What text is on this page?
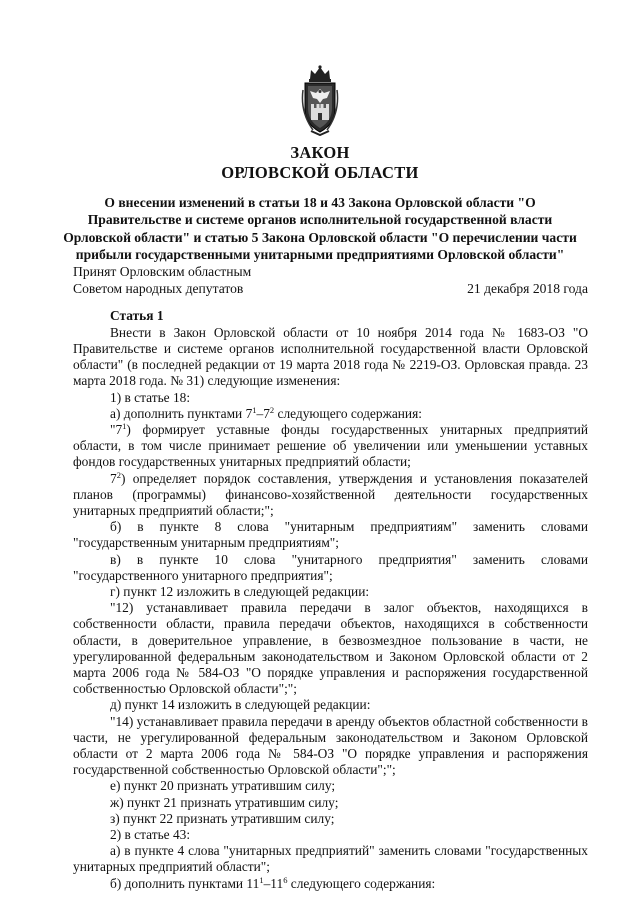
ЗАКОН
ОРЛОВСКОЙ ОБЛАСТИ
О внесении изменений в статьи 18 и 43 Закона Орловской области "О Правительстве и системе органов исполнительной государственной власти Орловской области" и статью 5 Закона Орловской области "О перечислении части прибыли государственными унитарными предприятиями Орловской области"
Принят Орловским областным
Советом народных депутатов	21 декабря 2018 года

Статья 1

Внести в Закон Орловской области от 10 ноября 2014 года № 1683-ОЗ "О Правительстве и системе органов исполнительной государственной власти Орловской области" (в последней редакции от 19 марта 2018 года № 2219-ОЗ. Орловская правда. 23 марта 2018 года. № 31) следующие изменения:

1) в статье 18:

а) дополнить пунктами $7^1-7^2$ следующего содержания:

"$7^1$) формирует уставные фонды государственных унитарных предприятий области, в том числе принимает решение об увеличении или уменьшении уставных фондов государственных унитарных предприятий области;

$7^2$) определяет порядок составления, утверждения и установления показателей планов (программы) финансово-хозяйственной деятельности государственных унитарных предприятий области;";

б) в пункте 8 слова "унитарным предприятиям" заменить словами "государственным унитарным предприятиям";

в) в пункте 10 слова "унитарного предприятия" заменить словами "государственного унитарного предприятия";

г) пункт 12 изложить в следующей редакции:

"12) устанавливает правила передачи в залог объектов, находящихся в собственности области, правила передачи объектов, находящихся в собственности области, в доверительное управление, в безвозмездное пользование в части, не урегулированной федеральным законодательством и Законом Орловской области от 2 марта 2006 года № 584-ОЗ "О порядке управления и распоряжения государственной собственностью Орловской области";";

д) пункт 14 изложить в следующей редакции:

"14) устанавливает правила передачи в аренду объектов областной собственности в части, не урегулированной федеральным законодательством и Законом Орловской области от 2 марта 2006 года № 584-ОЗ "О порядке управления и распоряжения государственной собственностью Орловской области";";

е) пункт 20 признать утратившим силу;

ж) пункт 21 признать утратившим силу;

з) пункт 22 признать утратившим силу;

2) в статье 43:

а) в пункте 4 слова "унитарных предприятий" заменить словами "государственных унитарных предприятий области";

б) дополнить пунктами $11^1-11^6$ следующего содержания:
